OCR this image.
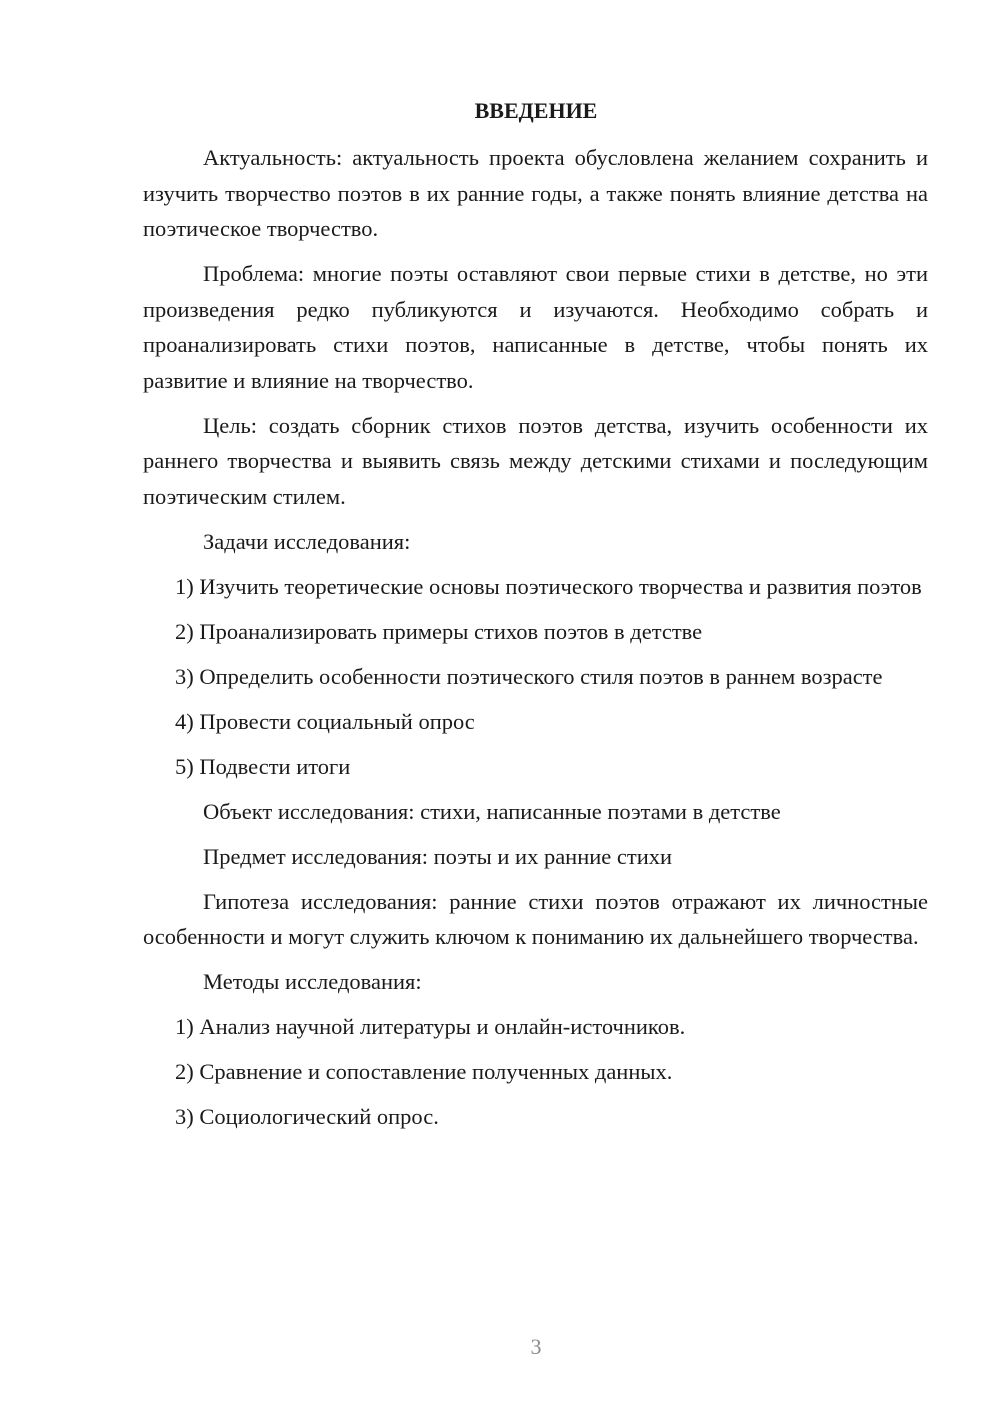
ВВЕДЕНИЕ

Актуальность: актуальность проекта обусловлена желанием сохранить и изучить творчество поэтов в их ранние годы, а также понять влияние детства на поэтическое творчество.

Проблема: многие поэты оставляют свои первые стихи в детстве, но эти произведения редко публикуются и изучаются. Необходимо собрать и проанализировать стихи поэтов, написанные в детстве, чтобы понять их развитие и влияние на творчество.

Цель: создать сборник стихов поэтов детства, изучить особенности их раннего творчества и выявить связь между детскими стихами и последующим поэтическим стилем.

Задачи исследования:

1) Изучить теоретические основы поэтического творчества и развития поэтов

2) Проанализировать примеры стихов поэтов в детстве

3) Определить особенности поэтического стиля поэтов в раннем возрасте

4) Провести социальный опрос

5) Подвести итоги

Объект исследования: стихи, написанные поэтами в детстве

Предмет исследования: поэты и их ранние стихи

Гипотеза исследования: ранние стихи поэтов отражают их личностные особенности и могут служить ключом к пониманию их дальнейшего творчества.

Методы исследования:

1) Анализ научной литературы и онлайн-источников.

2) Сравнение и сопоставление полученных данных.

3) Социологический опрос.

3
